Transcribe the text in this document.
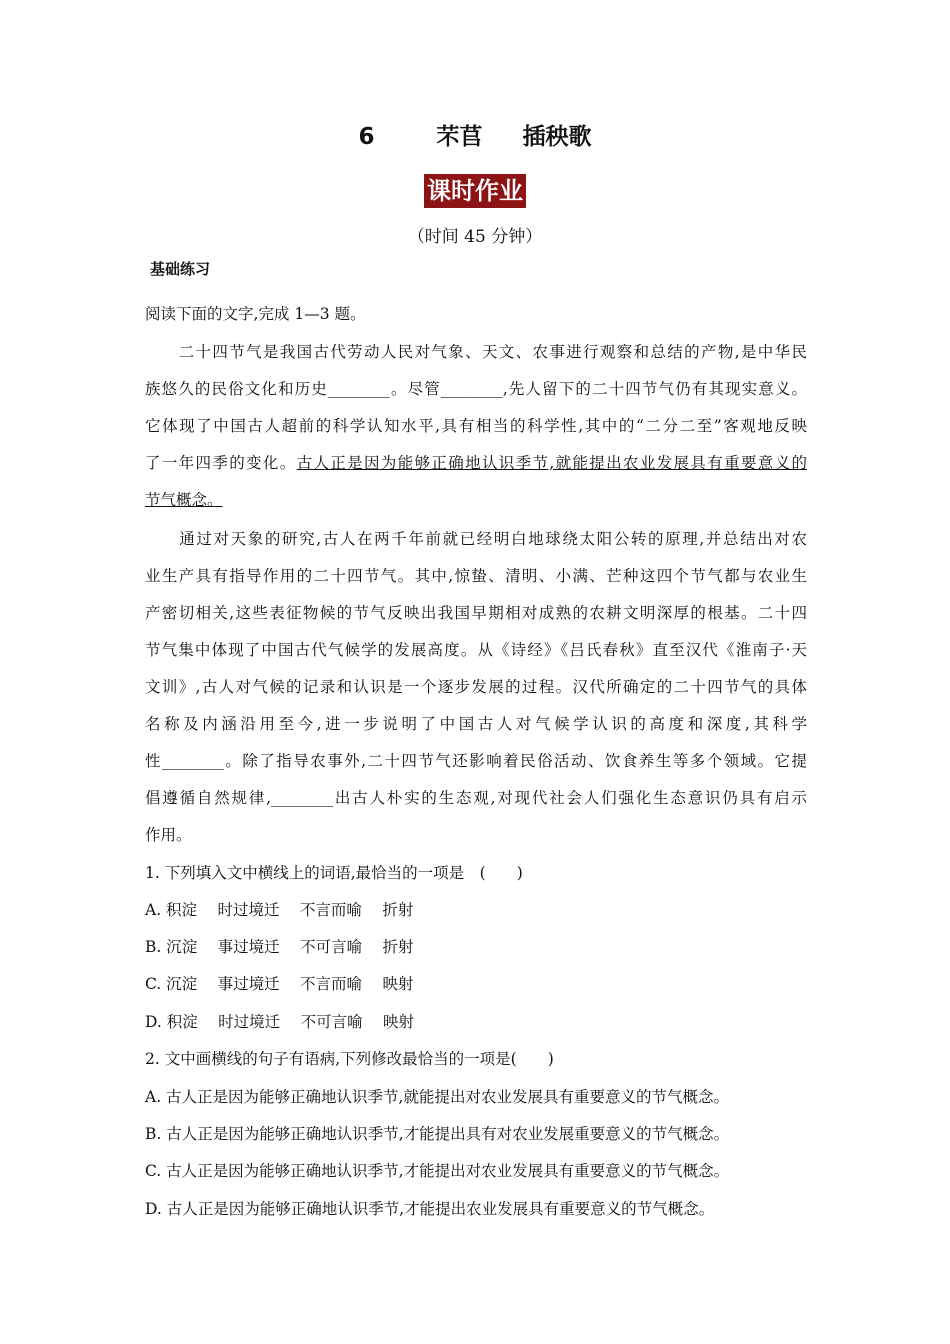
6	芣苢 插秧歌
课时作业
（时间 45 分钟）
基础练习
阅读下面的文字,完成 1—3 题。
　　二十四节气是我国古代劳动人民对气象、天文、农事进行观察和总结的产物,是中华民
族悠久的民俗文化和历史________。尽管________,先人留下的二十四节气仍有其现实意义。
它体现了中国古人超前的科学认知水平,具有相当的科学性,其中的“二分二至”客观地反映
了一年四季的变化。古人正是因为能够正确地认识季节,就能提出农业发展具有重要意义的
节气概念。
　　通过对天象的研究,古人在两千年前就已经明白地球绕太阳公转的原理,并总结出对农
业生产具有指导作用的二十四节气。其中,惊蛰、清明、小满、芒种这四个节气都与农业生
产密切相关,这些表征物候的节气反映出我国早期相对成熟的农耕文明深厚的根基。二十四
节气集中体现了中国古代气候学的发展高度。从《诗经》《吕氏春秋》直至汉代《淮南子·天
文训》,古人对气候的记录和认识是一个逐步发展的过程。汉代所确定的二十四节气的具体
名称及内涵沿用至今,进一步说明了中国古人对气候学认识的高度和深度,其科学
性________。除了指导农事外,二十四节气还影响着民俗活动、饮食养生等多个领域。它提
倡遵循自然规律,________出古人朴实的生态观,对现代社会人们强化生态意识仍具有启示
作用。
1. 下列填入文中横线上的词语,最恰当的一项是　(　　)
A. 积淀　 时过境迁　 不言而喻　 折射
B. 沉淀　 事过境迁　 不可言喻　 折射
C. 沉淀　 事过境迁　 不言而喻　 映射
D. 积淀　 时过境迁　 不可言喻　 映射
2. 文中画横线的句子有语病,下列修改最恰当的一项是(　　)
A. 古人正是因为能够正确地认识季节,就能提出对农业发展具有重要意义的节气概念。
B. 古人正是因为能够正确地认识季节,才能提出具有对农业发展重要意义的节气概念。
C. 古人正是因为能够正确地认识季节,才能提出对农业发展具有重要意义的节气概念。
D. 古人正是因为能够正确地认识季节,才能提出农业发展具有重要意义的节气概念。
